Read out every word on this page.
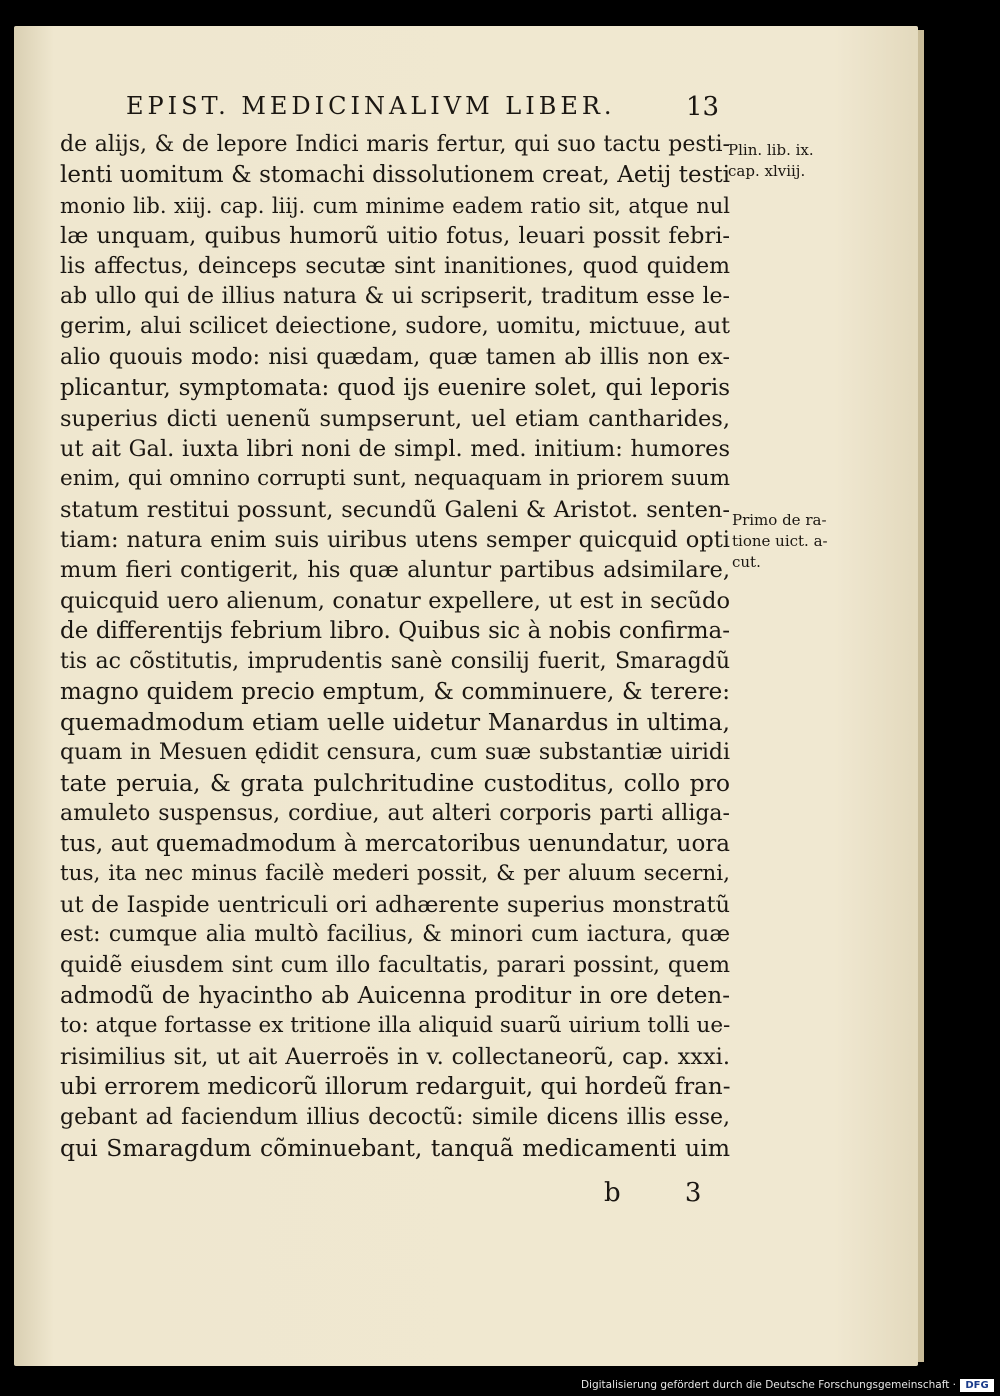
EPIST. MEDICINALIVM LIBER.	13
de alijs, & de lepore Indici maris fertur, qui suo tactu pesti-
lenti uomitum & stomachi dissolutionem creat, Aetij testi
monio lib. xiij. cap. liij. cum minime eadem ratio sit, atque nul
læ unquam, quibus humorũ uitio fotus, leuari possit febri-
lis affectus, deinceps secutæ sint inanitiones, quod quidem
ab ullo qui de illius natura & ui scripserit, traditum esse le-
gerim, alui scilicet deiectione, sudore, uomitu, mictuue, aut
alio quouis modo: nisi quædam, quæ tamen ab illis non ex-
plicantur, symptomata: quod ijs euenire solet, qui leporis
superius dicti uenenũ sumpserunt, uel etiam cantharides,
ut ait Gal. iuxta libri noni de simpl. med. initium: humores
enim, qui omnino corrupti sunt, nequaquam in priorem suum
statum restitui possunt, secundũ Galeni & Aristot. senten-
tiam: natura enim suis uiribus utens semper quicquid opti
mum fieri contigerit, his quæ aluntur partibus adsimilare,
quicquid uero alienum, conatur expellere, ut est in secũdo
de differentijs febrium libro. Quibus sic à nobis confirma-
tis ac cõstitutis, imprudentis sanè consilij fuerit, Smaragdũ
magno quidem precio emptum, & comminuere, & terere:
quemadmodum etiam uelle uidetur Manardus in ultima,
quam in Mesuen ędidit censura, cum suæ substantiæ uiridi
tate peruia, & grata pulchritudine custoditus, collo pro
amuleto suspensus, cordiue, aut alteri corporis parti alliga-
tus, aut quemadmodum à mercatoribus uenundatur, uora
tus, ita nec minus facilè mederi possit, & per aluum secerni,
ut de Iaspide uentriculi ori adhærente superius monstratũ
est: cumque alia multò facilius, & minori cum iactura, quæ
quidẽ eiusdem sint cum illo facultatis, parari possint, quem
admodũ de hyacintho ab Auicenna proditur in ore deten-
to: atque fortasse ex tritione illa aliquid suarũ uirium tolli ue-
risimilius sit, ut ait Auerroës in v. collectaneorũ, cap. xxxi.
ubi errorem medicorũ illorum redarguit, qui hordeũ fran-
gebant ad faciendum illius decoctũ: simile dicens illis esse,
qui Smaragdum cõminuebant, tanquã medicamenti uim
Plin. lib. ix.
cap. xlviij.
Primo de ra-
tione uict. a-
cut.
b 3
Digitalisierung gefördert durch die Deutsche Forschungsgemeinschaft · DFG
